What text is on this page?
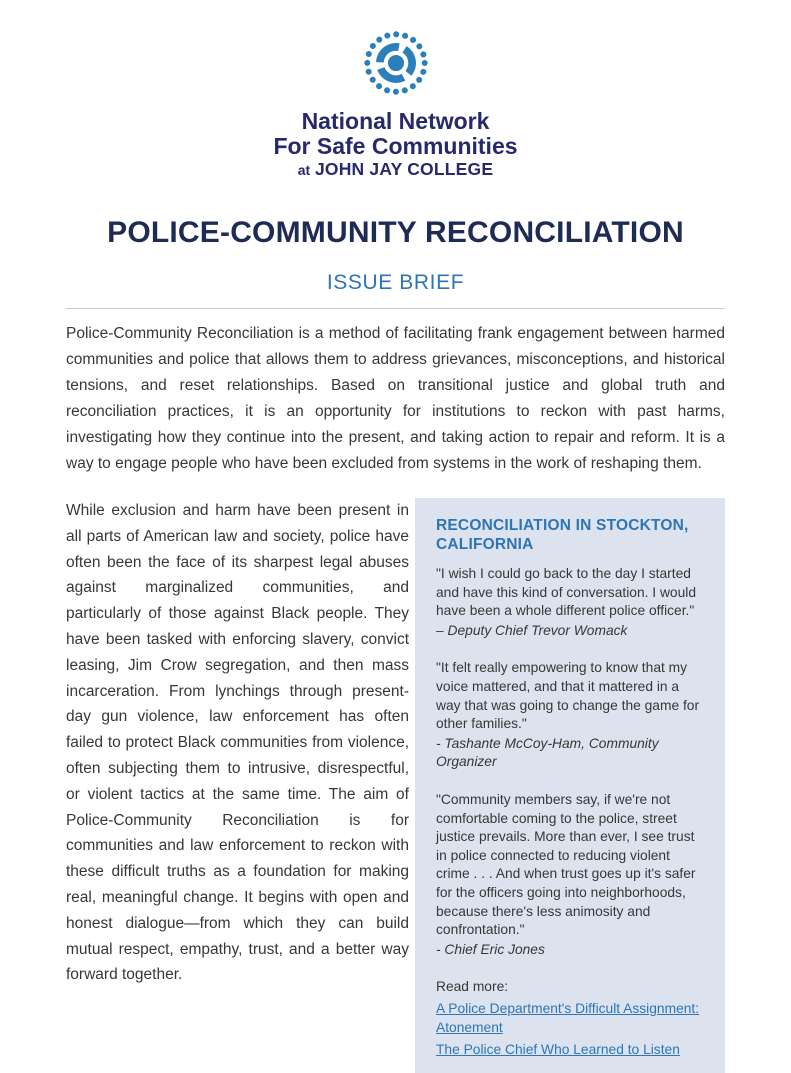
National Network
For Safe Communities
at JOHN JAY COLLEGE
POLICE-COMMUNITY RECONCILIATION
ISSUE BRIEF

Police-Community Reconciliation is a method of facilitating frank engagement between harmed communities and police that allows them to address grievances, misconceptions, and historical tensions, and reset relationships. Based on transitional justice and global truth and reconciliation practices, it is an opportunity for institutions to reckon with past harms, investigating how they continue into the present, and taking action to repair and reform. It is a way to engage people who have been excluded from systems in the work of reshaping them.

While exclusion and harm have been present in all parts of American law and society, police have often been the face of its sharpest legal abuses against marginalized communities, and particularly of those against Black people. They have been tasked with enforcing slavery, convict leasing, Jim Crow segregation, and then mass incarceration. From lynchings through present-day gun violence, law enforcement has often failed to protect Black communities from violence, often subjecting them to intrusive, disrespectful, or violent tactics at the same time. The aim of Police-Community Reconciliation is for communities and law enforcement to reckon with these difficult truths as a foundation for making real, meaningful change. It begins with open and honest dialogue—from which they can build mutual respect, empathy, trust, and a better way forward together.

RECONCILIATION IN STOCKTON, CALIFORNIA

"I wish I could go back to the day I started and have this kind of conversation. I would have been a whole different police officer."

– Deputy Chief Trevor Womack

"It felt really empowering to know that my voice mattered, and that it mattered in a way that was going to change the game for other families."

- Tashante McCoy-Ham, Community Organizer

"Community members say, if we're not comfortable coming to the police, street justice prevails. More than ever, I see trust in police connected to reducing violent crime . . . And when trust goes up it's safer for the officers going into neighborhoods, because there's less animosity and confrontation."

- Chief Eric Jones

Read more:

A Police Department's Difficult Assignment: Atonement
The Police Chief Who Learned to Listen
